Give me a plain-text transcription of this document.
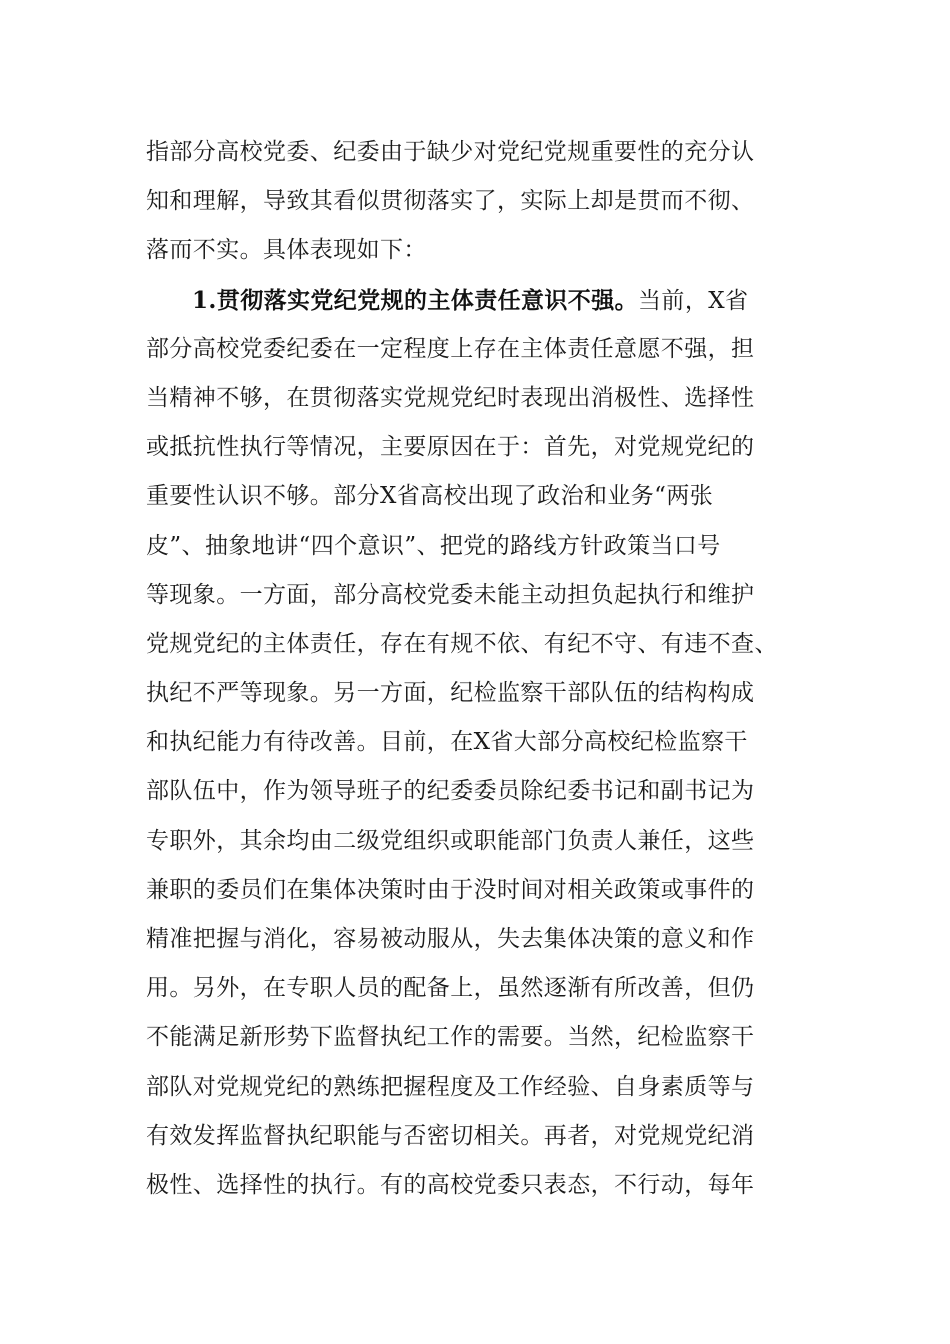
指部分高校党委、纪委由于缺少对党纪党规重要性的充分认
知和理解，导致其看似贯彻落实了，实际上却是贯而不彻、
落而不实。具体表现如下：
1.贯彻落实党纪党规的主体责任意识不强。当前，X省
部分高校党委纪委在一定程度上存在主体责任意愿不强，担
当精神不够，在贯彻落实党规党纪时表现出消极性、选择性
或抵抗性执行等情况，主要原因在于：首先，对党规党纪的
重要性认识不够。部分X省高校出现了政治和业务“两张
皮”、抽象地讲“四个意识”、把党的路线方针政策当口号
等现象。一方面，部分高校党委未能主动担负起执行和维护
党规党纪的主体责任，存在有规不依、有纪不守、有违不查、
执纪不严等现象。另一方面，纪检监察干部队伍的结构构成
和执纪能力有待改善。目前，在X省大部分高校纪检监察干
部队伍中，作为领导班子的纪委委员除纪委书记和副书记为
专职外，其余均由二级党组织或职能部门负责人兼任，这些
兼职的委员们在集体决策时由于没时间对相关政策或事件的
精准把握与消化，容易被动服从，失去集体决策的意义和作
用。另外，在专职人员的配备上，虽然逐渐有所改善，但仍
不能满足新形势下监督执纪工作的需要。当然，纪检监察干
部队对党规党纪的熟练把握程度及工作经验、自身素质等与
有效发挥监督执纪职能与否密切相关。再者，对党规党纪消
极性、选择性的执行。有的高校党委只表态，不行动，每年
